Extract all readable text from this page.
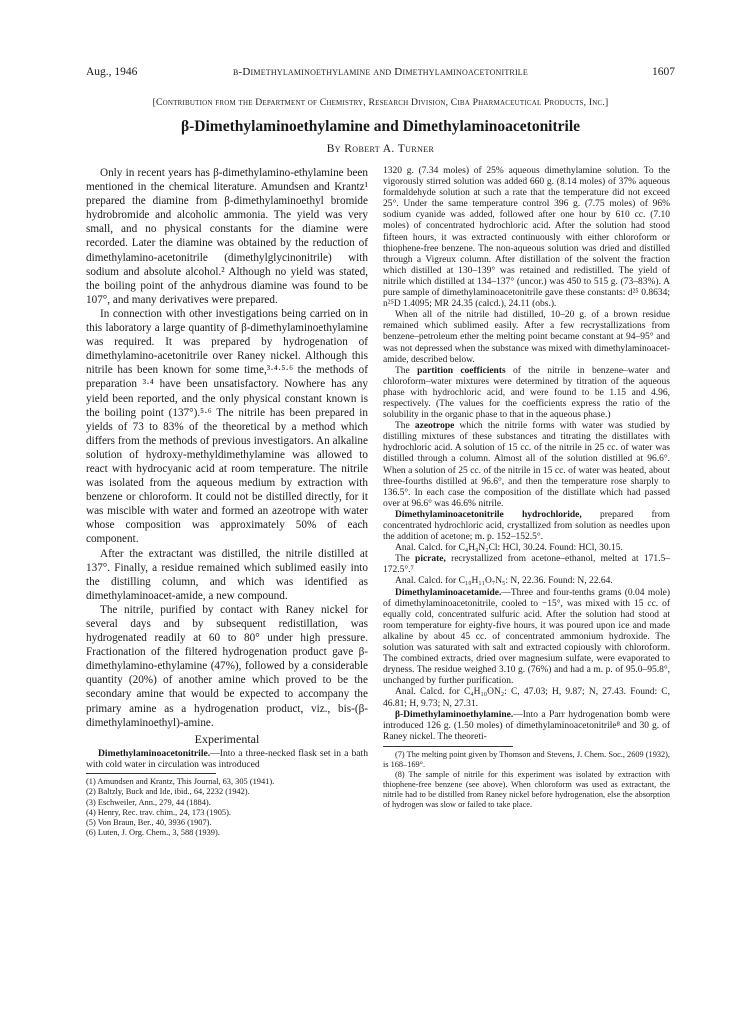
Aug., 1946	β-Dimethylaminoethylamine and Dimethylaminoacetonitrile	1607
[Contribution from the Department of Chemistry, Research Division, Ciba Pharmaceutical Products, Inc.]
β-Dimethylaminoethylamine and Dimethylaminoacetonitrile
By Robert A. Turner

Only in recent years has β-dimethylamino-ethylamine been mentioned in the chemical literature. Amundsen and Krantz¹ prepared the diamine from β-dimethylaminoethyl bromide hydrobromide and alcoholic ammonia. The yield was very small, and no physical constants for the diamine were recorded. Later the diamine was obtained by the reduction of dimethylamino-acetonitrile (dimethylglycinonitrile) with sodium and absolute alcohol.² Although no yield was stated, the boiling point of the anhydrous diamine was found to be 107°, and many derivatives were prepared.

In connection with other investigations being carried on in this laboratory a large quantity of β-dimethylaminoethylamine was required. It was prepared by hydrogenation of dimethylamino-acetonitrile over Raney nickel. Although this nitrile has been known for some time,³·⁴·⁵·⁶ the methods of preparation ³·⁴ have been unsatisfactory. Nowhere has any yield been reported, and the only physical constant known is the boiling point (137°).⁵·⁶ The nitrile has been prepared in yields of 73 to 83% of the theoretical by a method which differs from the methods of previous investigators. An alkaline solution of hydroxy-methyldimethylamine was allowed to react with hydrocyanic acid at room temperature. The nitrile was isolated from the aqueous medium by extraction with benzene or chloroform. It could not be distilled directly, for it was miscible with water and formed an azeotrope with water whose composition was approximately 50% of each component.

After the extractant was distilled, the nitrile distilled at 137°. Finally, a residue remained which sublimed easily into the distilling column, and which was identified as dimethylaminoacet-amide, a new compound.

The nitrile, purified by contact with Raney nickel for several days and by subsequent redistillation, was hydrogenated readily at 60 to 80° under high pressure. Fractionation of the filtered hydrogenation product gave β-dimethylamino-ethylamine (47%), followed by a considerable quantity (20%) of another amine which proved to be the secondary amine that would be expected to accompany the primary amine as a hydrogenation product, viz., bis-(β-dimethylaminoethyl)-amine.

Experimental

Dimethylaminoacetonitrile.—Into a three-necked flask set in a bath with cold water in circulation was introduced

(1) Amundsen and Krantz, This Journal, 63, 305 (1941).
(2) Baltzly, Buck and Ide, ibid., 64, 2232 (1942).
(3) Eschweiler, Ann., 279, 44 (1884).
(4) Henry, Rec. trav. chim., 24, 173 (1905).
(5) Von Braun, Ber., 40, 3936 (1907).
(6) Luten, J. Org. Chem., 3, 588 (1939).

1320 g. (7.34 moles) of 25% aqueous dimethylamine solution. To the vigorously stirred solution was added 660 g. (8.14 moles) of 37% aqueous formaldehyde solution at such a rate that the temperature did not exceed 25°. Under the same temperature control 396 g. (7.75 moles) of 96% sodium cyanide was added, followed after one hour by 610 cc. (7.10 moles) of concentrated hydrochloric acid. After the solution had stood fifteen hours, it was extracted continuously with either chloroform or thiophene-free benzene. The non-aqueous solution was dried and distilled through a Vigreux column. After distillation of the solvent the fraction which distilled at 130–139° was retained and redistilled. The yield of nitrile which distilled at 134–137° (uncor.) was 450 to 515 g. (73–83%). A pure sample of dimethylaminoacetonitrile gave these constants: d²⁵ 0.8634; n²⁵D 1.4095; MR 24.35 (calcd.), 24.11 (obs.).

When all of the nitrile had distilled, 10–20 g. of a brown residue remained which sublimed easily. After a few recrystallizations from benzene–petroleum ether the melting point became constant at 94–95° and was not depressed when the substance was mixed with dimethylaminoacet-amide, described below.

The partition coefficients of the nitrile in benzene–water and chloroform–water mixtures were determined by titration of the aqueous phase with hydrochloric acid, and were found to be 1.15 and 4.96, respectively. (The values for the coefficients express the ratio of the solubility in the organic phase to that in the aqueous phase.)

The azeotrope which the nitrile forms with water was studied by distilling mixtures of these substances and titrating the distillates with hydrochloric acid. A solution of 15 cc. of the nitrile in 25 cc. of water was distilled through a column. Almost all of the solution distilled at 96.6°. When a solution of 25 cc. of the nitrile in 15 cc. of water was heated, about three-fourths distilled at 96.6°, and then the temperature rose sharply to 136.5°. In each case the composition of the distillate which had passed over at 96.6° was 46.6% nitrile.

Dimethylaminoacetonitrile hydrochloride, prepared from concentrated hydrochloric acid, crystallized from solution as needles upon the addition of acetone; m. p. 152–152.5°.

Anal. Calcd. for C₄H₉N₂Cl: HCl, 30.24. Found: HCl, 30.15.

The picrate, recrystallized from acetone–ethanol, melted at 171.5–172.5°.⁷

Anal. Calcd. for C₁₀H₁₁O₇N₅: N, 22.36. Found: N, 22.64.

Dimethylaminoacetamide.—Three and four-tenths grams (0.04 mole) of dimethylaminoacetonitrile, cooled to −15°, was mixed with 15 cc. of equally cold, concentrated sulfuric acid. After the solution had stood at room temperature for eighty-five hours, it was poured upon ice and made alkaline by about 45 cc. of concentrated ammonium hydroxide. The solution was saturated with salt and extracted copiously with chloroform. The combined extracts, dried over magnesium sulfate, were evaporated to dryness. The residue weighed 3.10 g. (76%) and had a m. p. of 95.0–95.8°, unchanged by further purification.

Anal. Calcd. for C₄H₁₀ON₂: C, 47.03; H, 9.87; N, 27.43. Found: C, 46.81; H, 9.73; N, 27.31.

β-Dimethylaminoethylamine.—Into a Parr hydrogenation bomb were introduced 126 g. (1.50 moles) of dimethylaminoacetonitrile⁸ and 30 g. of Raney nickel. The theoreti-

(7) The melting point given by Thomson and Stevens, J. Chem. Soc., 2609 (1932), is 168–169°.

(8) The sample of nitrile for this experiment was isolated by extraction with thiophene-free benzene (see above). When chloroform was used as extractant, the nitrile had to be distilled from Raney nickel before hydrogenation, else the absorption of hydrogen was slow or failed to take place.
